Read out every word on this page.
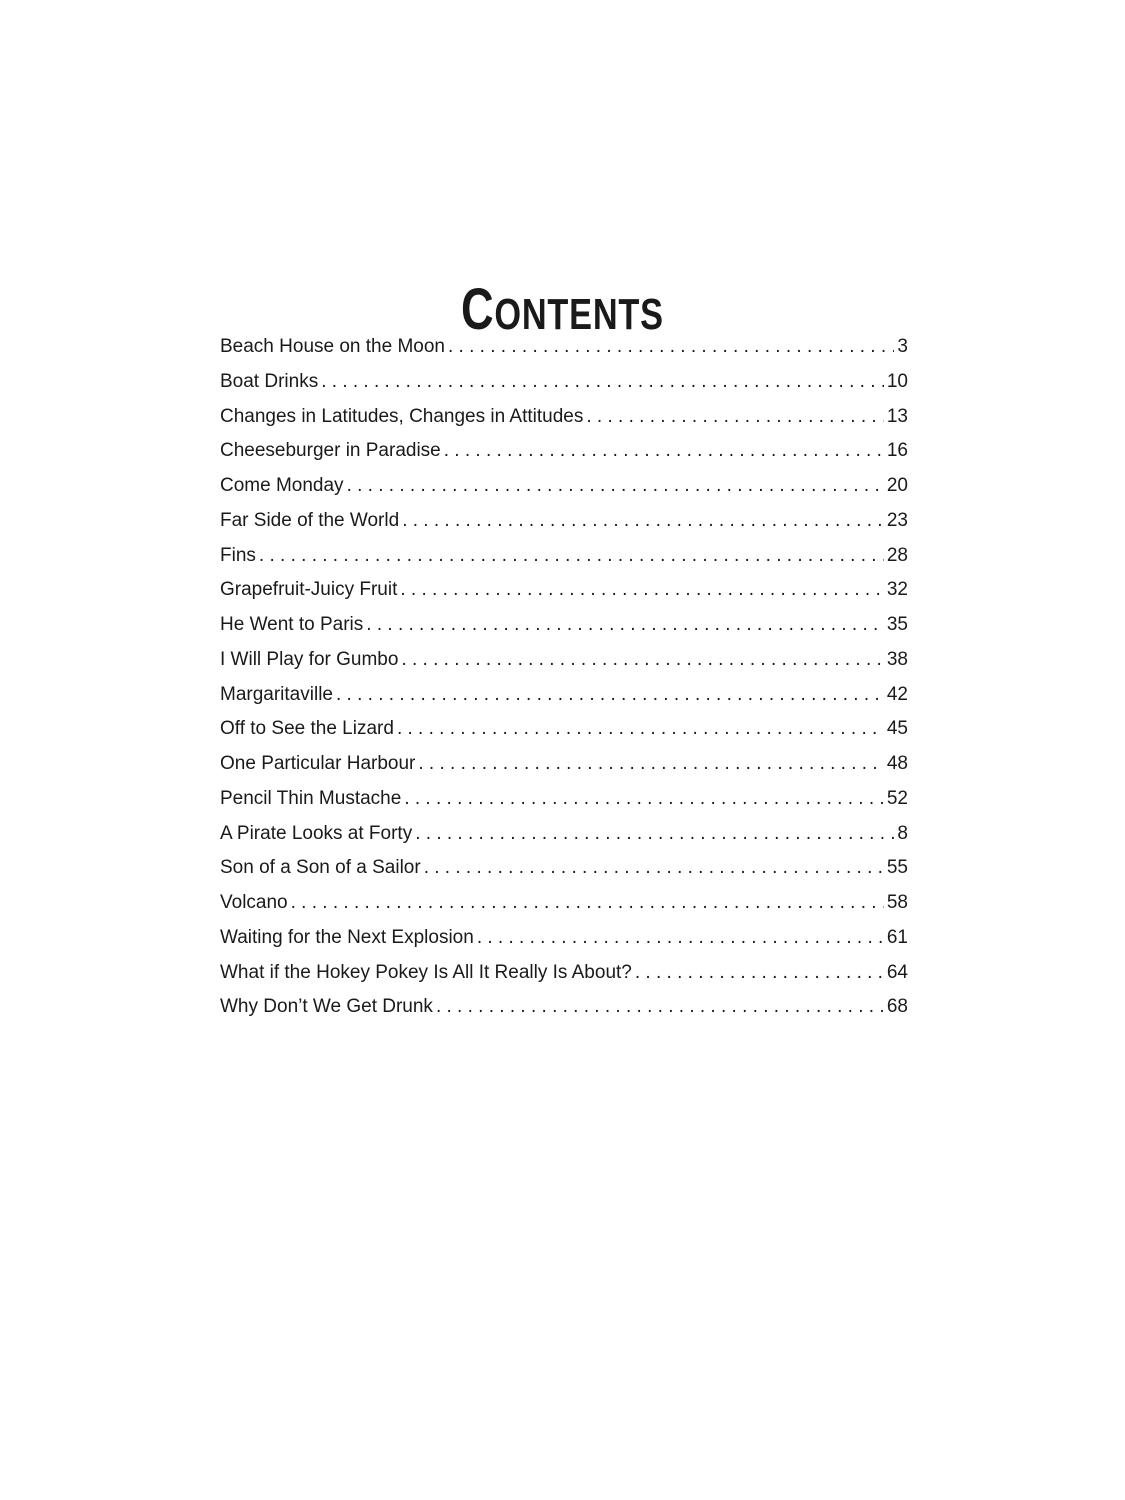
CONTENTS
Beach House on the Moon . . .	3
Boat Drinks . . .	10
Changes in Latitudes, Changes in Attitudes . . .	13
Cheeseburger in Paradise . . .	16
Come Monday . . .	20
Far Side of the World . . .	23
Fins . . .	28
Grapefruit-Juicy Fruit . . .	32
He Went to Paris . . .	35
I Will Play for Gumbo . . .	38
Margaritaville . . .	42
Off to See the Lizard . . .	45
One Particular Harbour . . .	48
Pencil Thin Mustache . . .	52
A Pirate Looks at Forty . . .	8
Son of a Son of a Sailor . . .	55
Volcano . . .	58
Waiting for the Next Explosion . . .	61
What if the Hokey Pokey Is All It Really Is About? . . .	64
Why Don’t We Get Drunk . . .	68
